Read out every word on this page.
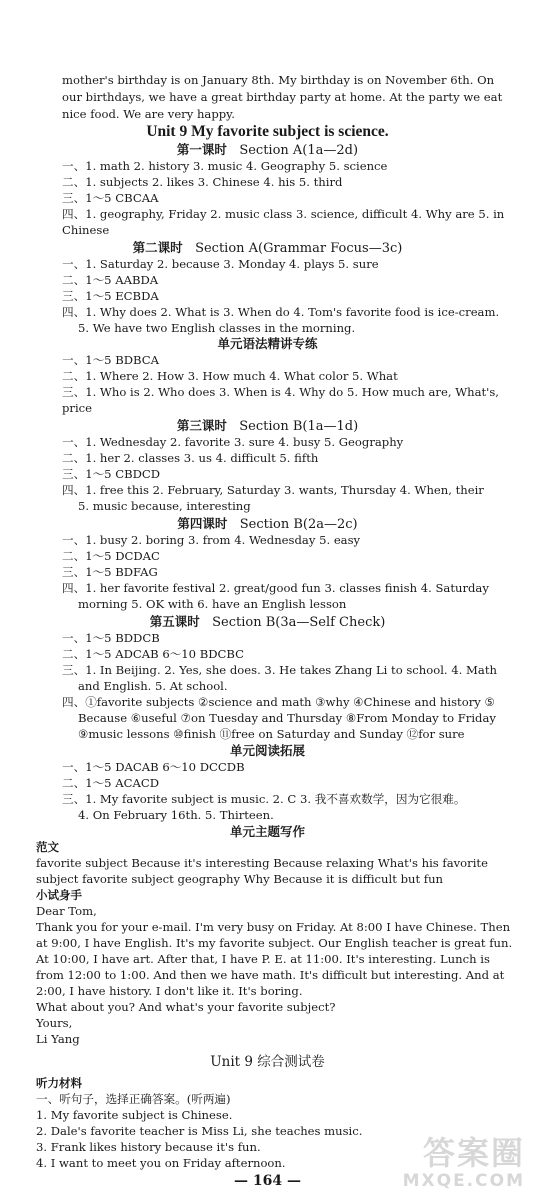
mother's birthday is on January 8th. My birthday is on November 6th. On
our birthdays, we have a great birthday party at home. At the party we eat
nice food. We are very happy.
Unit 9 My favorite subject is science.
第一课时 Section A(1a—2d)
一、1. math 2. history 3. music 4. Geography 5. science
二、1. subjects 2. likes 3. Chinese 4. his 5. third
三、1～5 CBCAA
四、1. geography, Friday 2. music class 3. science, difficult 4. Why are 5. in
Chinese
第二课时 Section A(Grammar Focus—3c)
一、1. Saturday 2. because 3. Monday 4. plays 5. sure
二、1～5 AABDA
三、1～5 ECBDA
四、1. Why does 2. What is 3. When do 4. Tom's favorite food is ice-cream.
5. We have two English classes in the morning.
单元语法精讲专练
一、1～5 BDBCA
二、1. Where 2. How 3. How much 4. What color 5. What
三、1. Who is 2. Who does 3. When is 4. Why do 5. How much are, What's,
price
第三课时 Section B(1a—1d)
一、1. Wednesday 2. favorite 3. sure 4. busy 5. Geography
二、1. her 2. classes 3. us 4. difficult 5. fifth
三、1～5 CBDCD
四、1. free this 2. February, Saturday 3. wants, Thursday 4. When, their
5. music because, interesting
第四课时 Section B(2a—2c)
一、1. busy 2. boring 3. from 4. Wednesday 5. easy
二、1～5 DCDAC
三、1～5 BDFAG
四、1. her favorite festival 2. great/good fun 3. classes finish 4. Saturday
morning 5. OK with 6. have an English lesson
第五课时 Section B(3a—Self Check)
一、1～5 BDDCB
二、1～5 ADCAB 6～10 BDCBC
三、1. In Beijing. 2. Yes, she does. 3. He takes Zhang Li to school. 4. Math
and English. 5. At school.
四、①favorite subjects ②science and math ③why ④Chinese and history ⑤
Because ⑥useful ⑦on Tuesday and Thursday ⑧From Monday to Friday
⑨music lessons ⑩finish ⑪free on Saturday and Sunday ⑫for sure
单元阅读拓展
一、1～5 DACAB 6～10 DCCDB
二、1～5 ACACD
三、1. My favorite subject is music. 2. C 3. 我不喜欢数学，因为它很难。
4. On February 16th. 5. Thirteen.
单元主题写作
范文
favorite subject Because it's interesting Because relaxing What's his favorite
subject favorite subject geography Why Because it is difficult but fun
小试身手
Dear Tom,
Thank you for your e-mail. I'm very busy on Friday. At 8:00 I have Chinese. Then
at 9:00, I have English. It's my favorite subject. Our English teacher is great fun.
At 10:00, I have art. After that, I have P. E. at 11:00. It's interesting. Lunch is
from 12:00 to 1:00. And then we have math. It's difficult but interesting. And at
2:00, I have history. I don't like it. It's boring.
What about you? And what's your favorite subject?
Yours,
Li Yang
Unit 9 综合测试卷
听力材料
一、听句子，选择正确答案。(听两遍)
1. My favorite subject is Chinese.
2. Dale's favorite teacher is Miss Li, she teaches music.
3. Frank likes history because it's fun.
4. I want to meet you on Friday afternoon.
— 164 —
答案圈
MXQE.COM
